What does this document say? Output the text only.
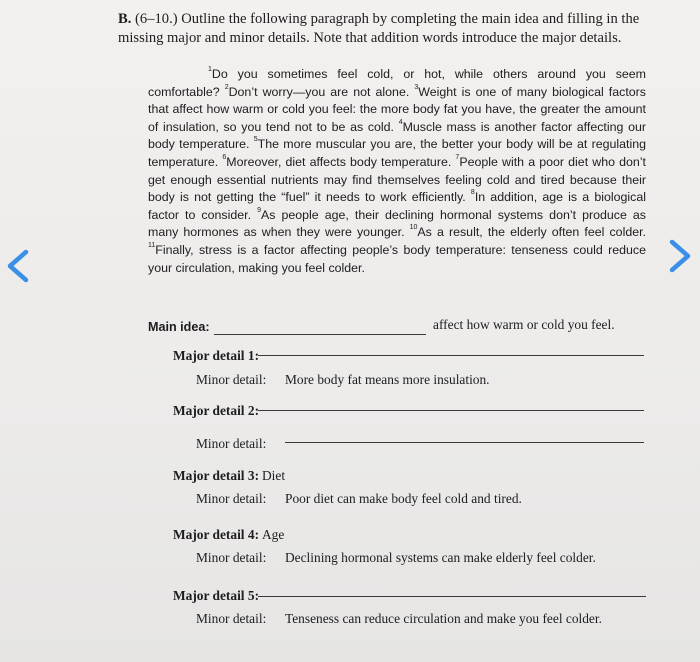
B. (6–10.) Outline the following paragraph by completing the main idea and filling in the missing major and minor details. Note that addition words introduce the major details.
$^1$Do you sometimes feel cold, or hot, while others around you seem comfortable? $^2$Don’t worry—you are not alone. $^3$Weight is one of many biological factors that affect how warm or cold you feel: the more body fat you have, the greater the amount of insulation, so you tend not to be as cold. $^4$Muscle mass is another factor affecting our body temperature. $^5$The more muscular you are, the better your body will be at regulating temperature. $^6$Moreover, diet affects body temperature. $^7$People with a poor diet who don’t get enough essential nutrients may find themselves feeling cold and tired because their body is not getting the “fuel” it needs to work efficiently. $^8$In addition, age is a biological factor to consider. $^9$As people age, their declining hormonal systems don’t produce as many hormones as when they were younger. $^{10}$As a result, the elderly often feel colder. $^{11}$Finally, stress is a factor affecting people’s body temperature: tenseness could reduce your circulation, making you feel colder.
Main idea:	affect how warm or cold you feel.
Major detail 1:
Minor detail: More body fat means more insulation.
Major detail 2:
Minor detail:
Major detail 3: Diet
Minor detail: Poor diet can make body feel cold and tired.
Major detail 4: Age
Minor detail: Declining hormonal systems can make elderly feel colder.
Major detail 5:
Minor detail: Tenseness can reduce circulation and make you feel colder.
